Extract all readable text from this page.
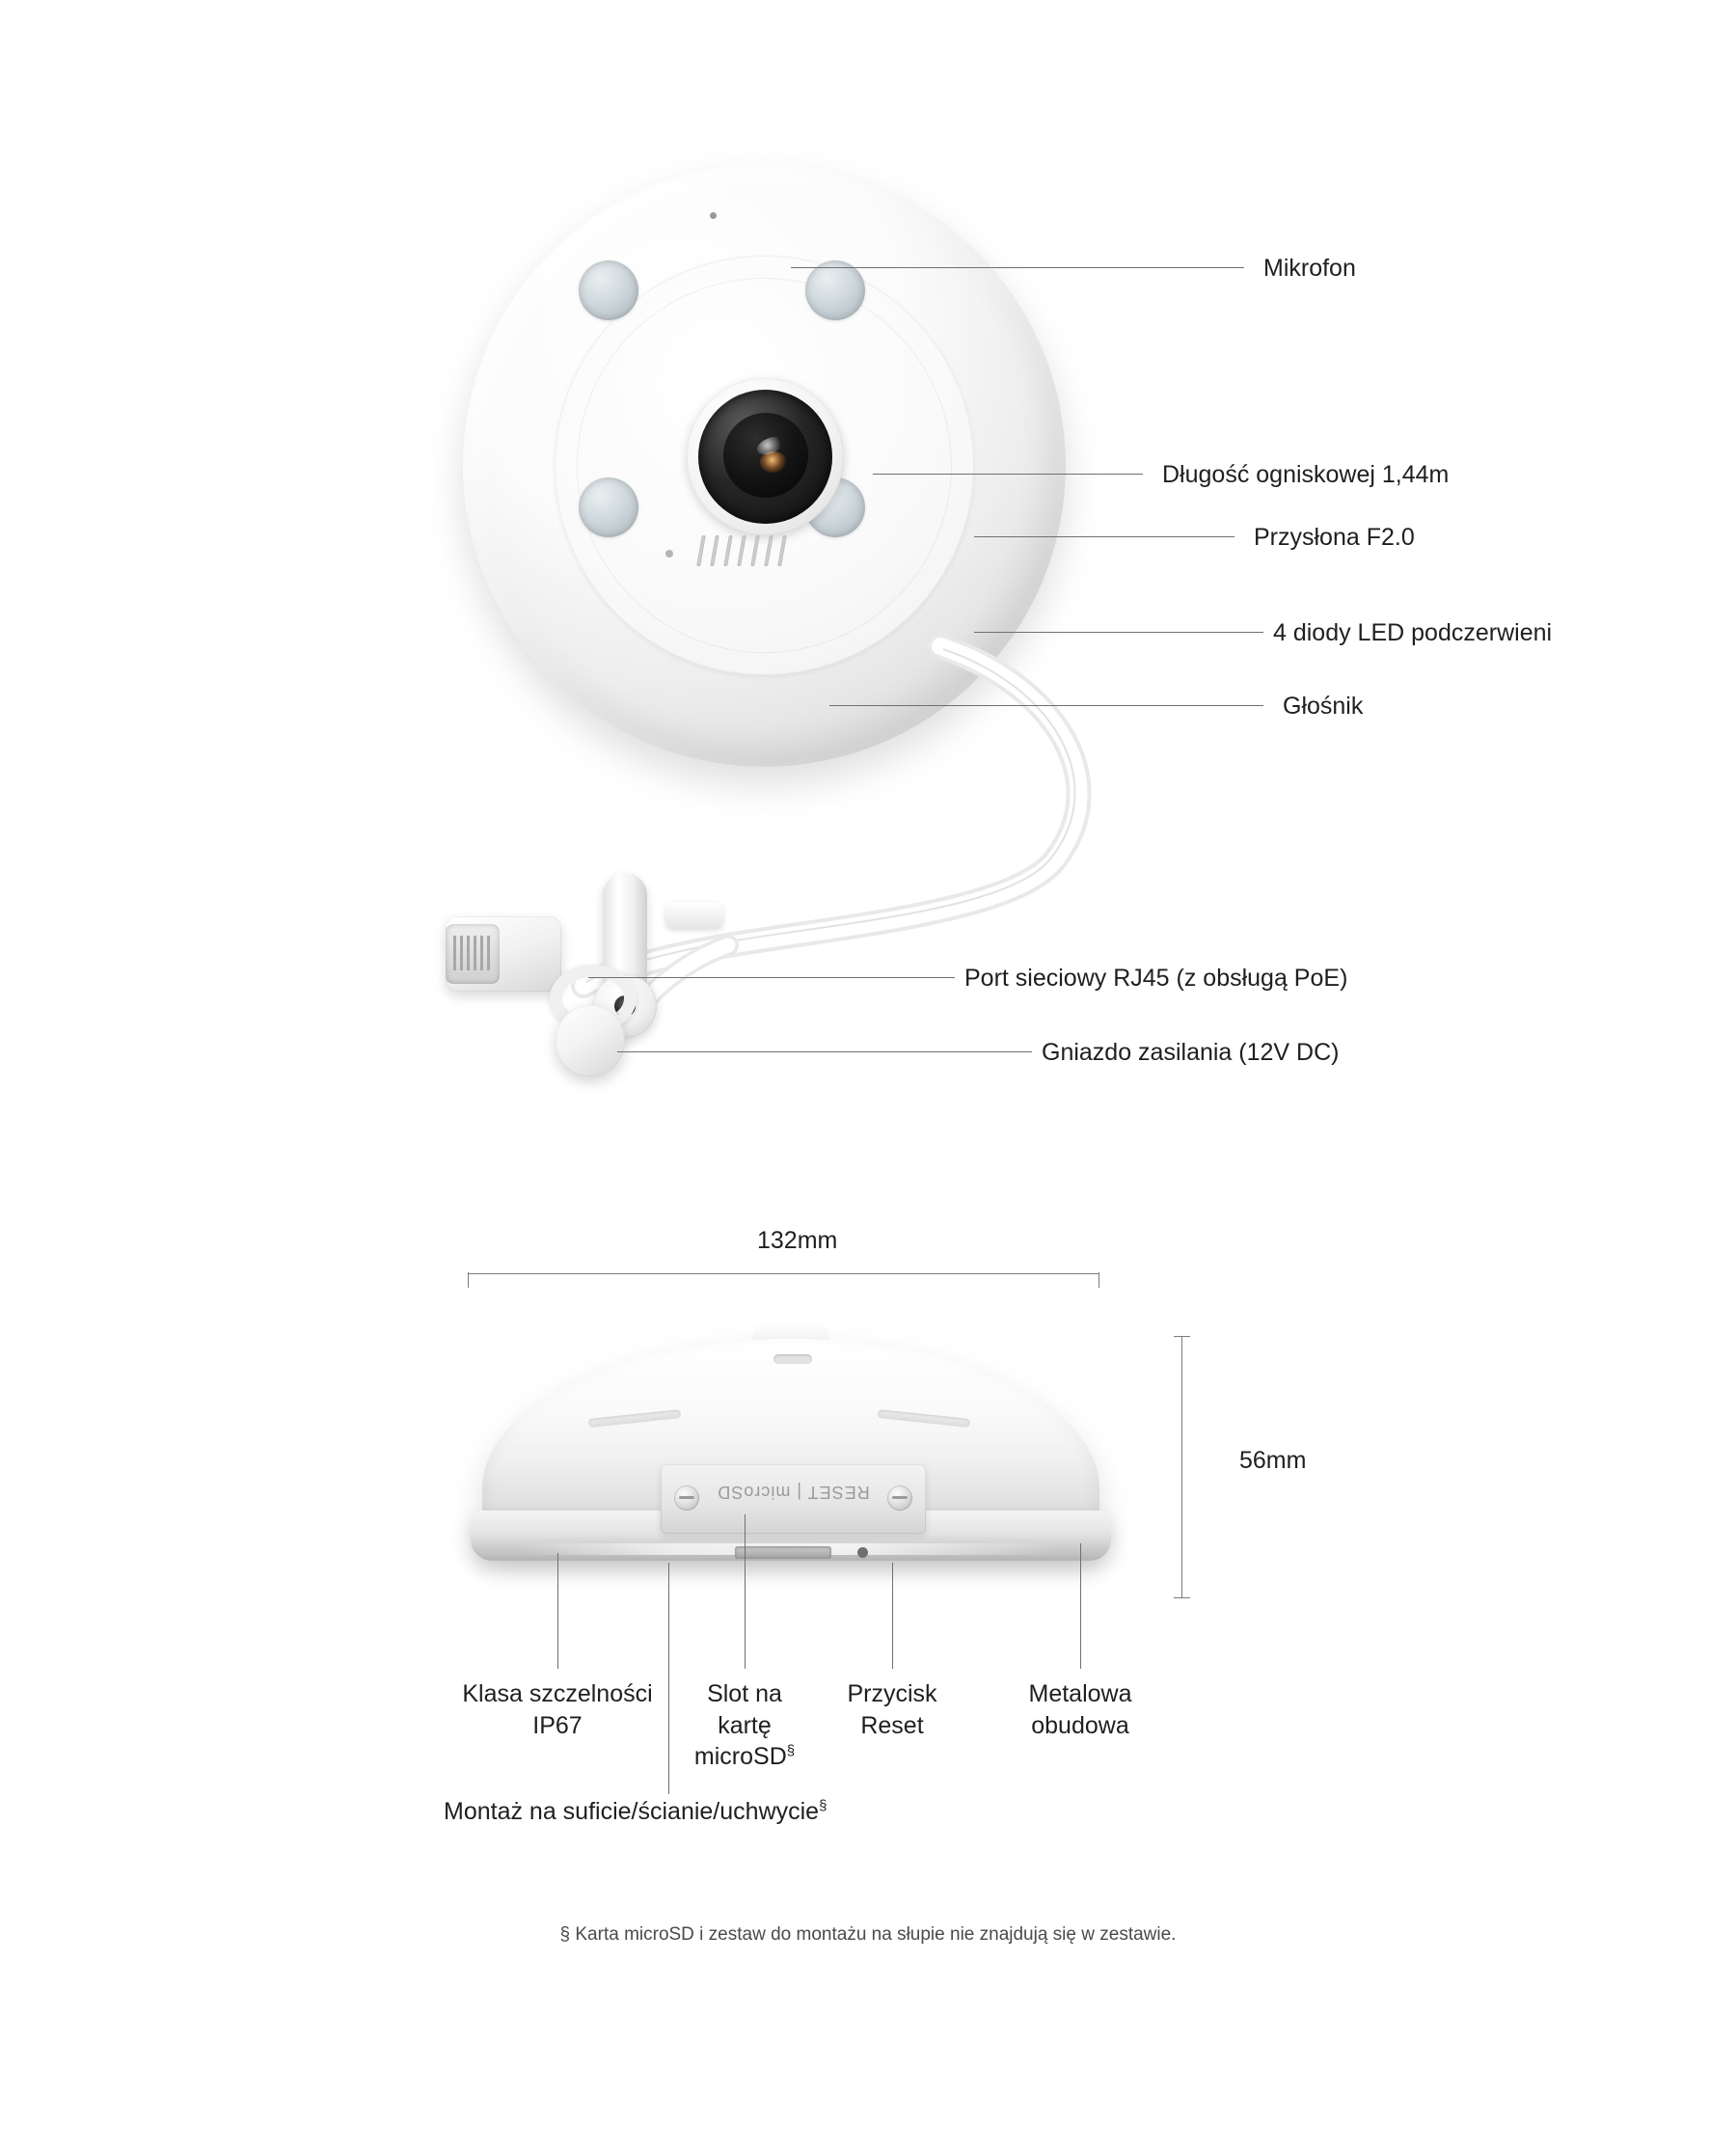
Mikrofon
Długość ogniskowej 1,44m
Przysłona F2.0
4 diody LED podczerwieni
Głośnik
Port sieciowy RJ45 (z obsługą PoE)
Gniazdo zasilania (12V DC)
132mm
56mm
RESET | microSD
Klasa szczelności
IP67
Montaż na suficie/ścianie/uchwycie§
Slot na
kartę
microSD§
Przycisk
Reset
Metalowa
obudowa
§ Karta microSD i zestaw do montażu na słupie nie znajdują się w zestawie.
